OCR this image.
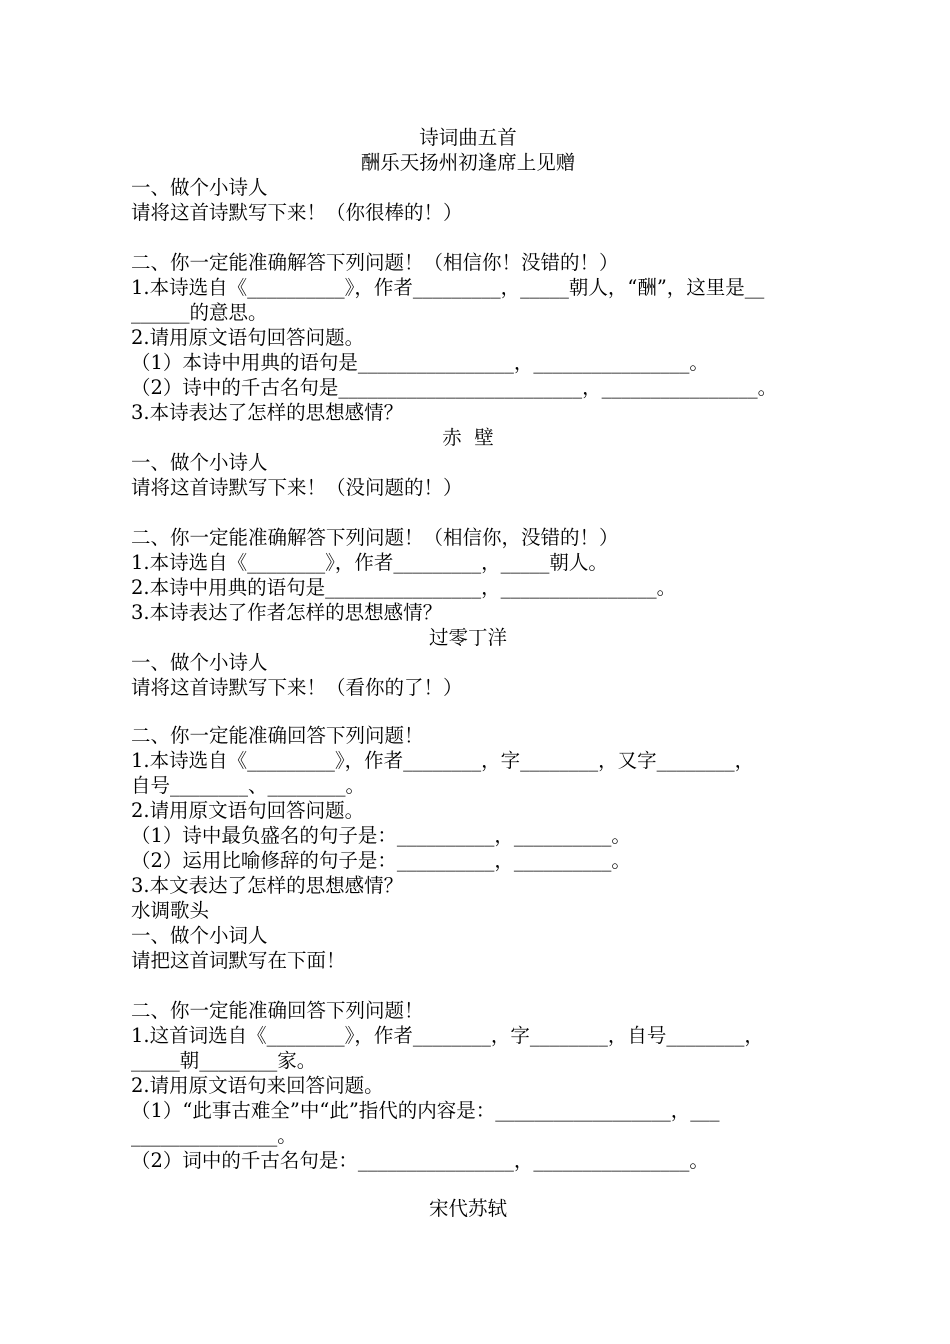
诗词曲五首
酬乐天扬州初逢席上见赠
一、做个小诗人
请将这首诗默写下来！（你很棒的！）
二、你一定能准确解答下列问题！（相信你！没错的！）
1.本诗选自《__________》，作者_________，_____朝人，“酬”，这里是__
______的意思。
2.请用原文语句回答问题。
（1）本诗中用典的语句是________________，________________。
（2）诗中的千古名句是_________________________，________________。
3.本诗表达了怎样的思想感情？
赤  壁
一、做个小诗人
请将这首诗默写下来！（没问题的！）
二、你一定能准确解答下列问题！（相信你，没错的！）
1.本诗选自《________》，作者_________，_____朝人。
2.本诗中用典的语句是________________，________________。
3.本诗表达了作者怎样的思想感情？
过零丁洋
一、做个小诗人
请将这首诗默写下来！（看你的了！）
二、你一定能准确回答下列问题！
1.本诗选自《_________》，作者________，字________，又字________，
自号________、________。
2.请用原文语句回答问题。
（1）诗中最负盛名的句子是：__________，__________。
（2）运用比喻修辞的句子是：__________，__________。
3.本文表达了怎样的思想感情？
水调歌头
一、做个小词人
请把这首词默写在下面！
二、你一定能准确回答下列问题！
1.这首词选自《________》，作者________，字________，自号________，
_____朝________家。
2.请用原文语句来回答问题。
（1）“此事古难全”中“此”指代的内容是：__________________，___
_______________。
（2）词中的千古名句是：________________，________________。
宋代苏轼
